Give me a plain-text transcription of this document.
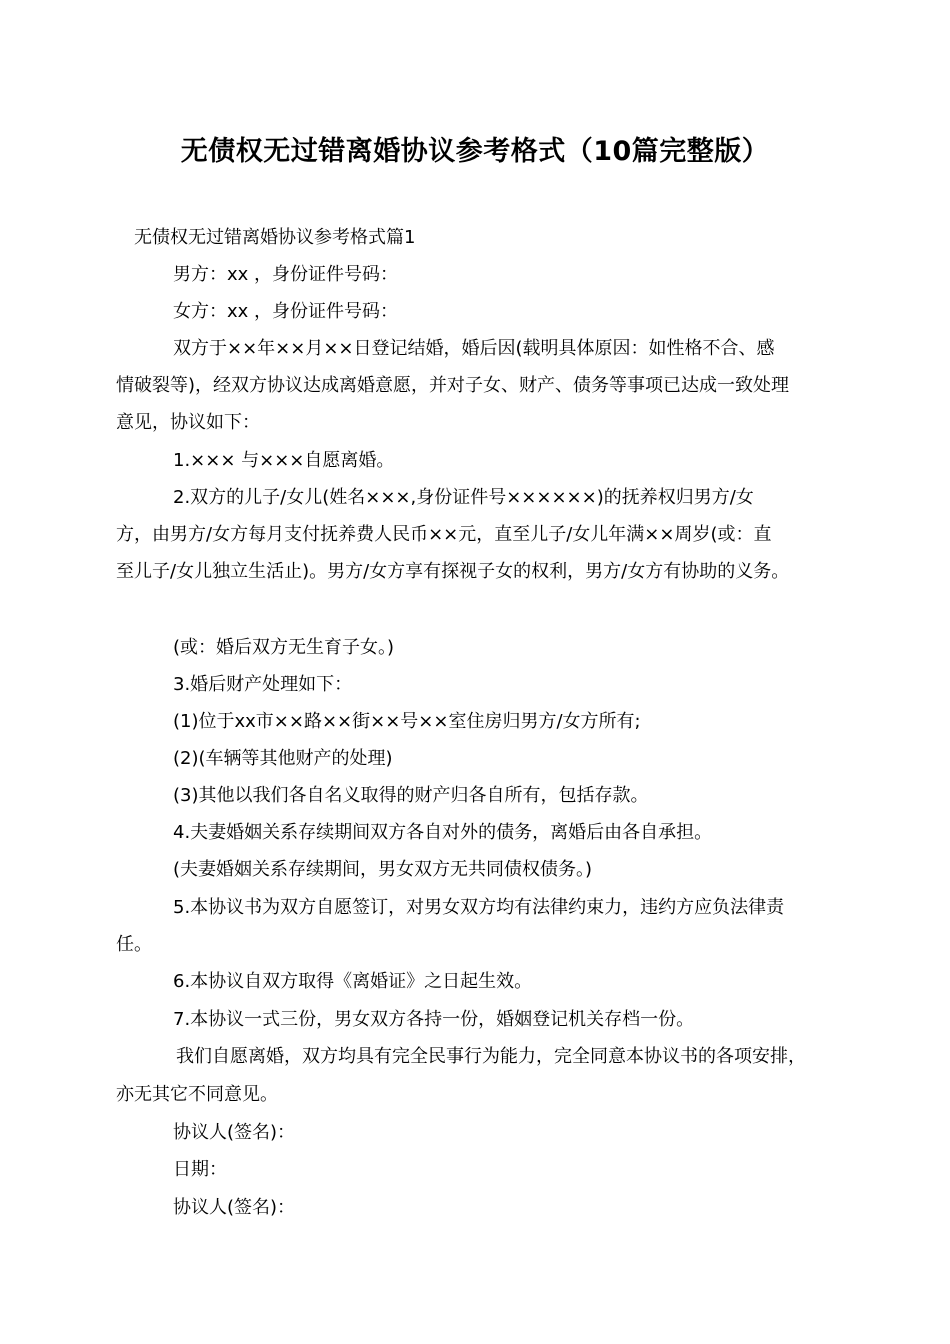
无债权无过错离婚协议参考格式（10篇完整版）
无债权无过错离婚协议参考格式篇1
男方：xx ，身份证件号码：
女方：xx ，身份证件号码：
双方于××年××月××日登记结婚，婚后因(载明具体原因：如性格不合、感
情破裂等)，经双方协议达成离婚意愿，并对子女、财产、债务等事项已达成一致处理
意见，协议如下：
1.××× 与×××自愿离婚。
2.双方的儿子/女儿(姓名×××,身份证件号××××××)的抚养权归男方/女
方，由男方/女方每月支付抚养费人民币××元，直至儿子/女儿年满××周岁(或：直
至儿子/女儿独立生活止)。男方/女方享有探视子女的权利，男方/女方有协助的义务。
(或：婚后双方无生育子女。)
3.婚后财产处理如下：
(1)位于xx市××路××街××号××室住房归男方/女方所有;
(2)(车辆等其他财产的处理)
(3)其他以我们各自名义取得的财产归各自所有，包括存款。
4.夫妻婚姻关系存续期间双方各自对外的债务，离婚后由各自承担。
(夫妻婚姻关系存续期间，男女双方无共同债权债务。)
5.本协议书为双方自愿签订，对男女双方均有法律约束力，违约方应负法律责
任。
6.本协议自双方取得《离婚证》之日起生效。
7.本协议一式三份，男女双方各持一份，婚姻登记机关存档一份。
我们自愿离婚，双方均具有完全民事行为能力，完全同意本协议书的各项安排，
亦无其它不同意见。
协议人(签名)：
日期：
协议人(签名)：
